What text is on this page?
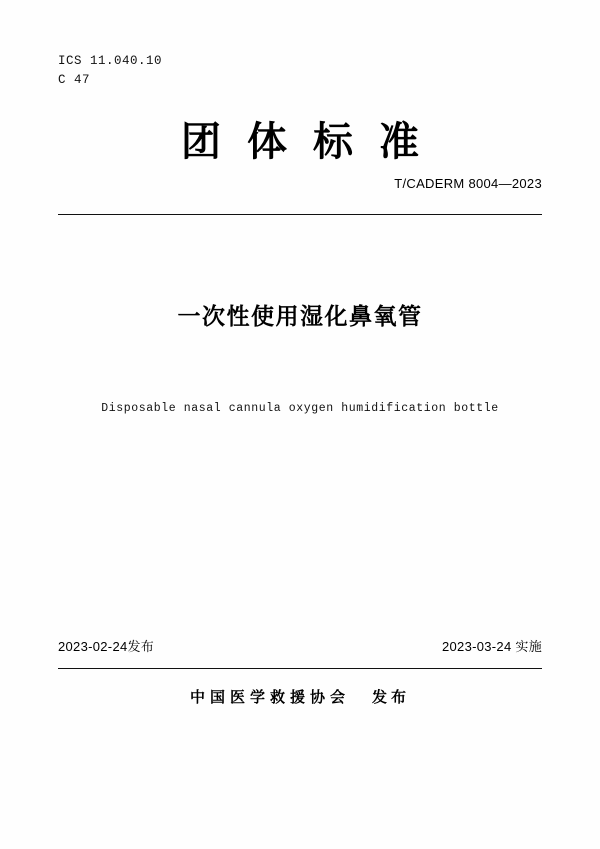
ICS 11.040.10
C 47
团体标准
T/CADERM 8004—2023
一次性使用湿化鼻氧管
Disposable nasal cannula oxygen humidification bottle
2023-02-24发布	2023-03-24 实施
中国医学救援协会 发布
